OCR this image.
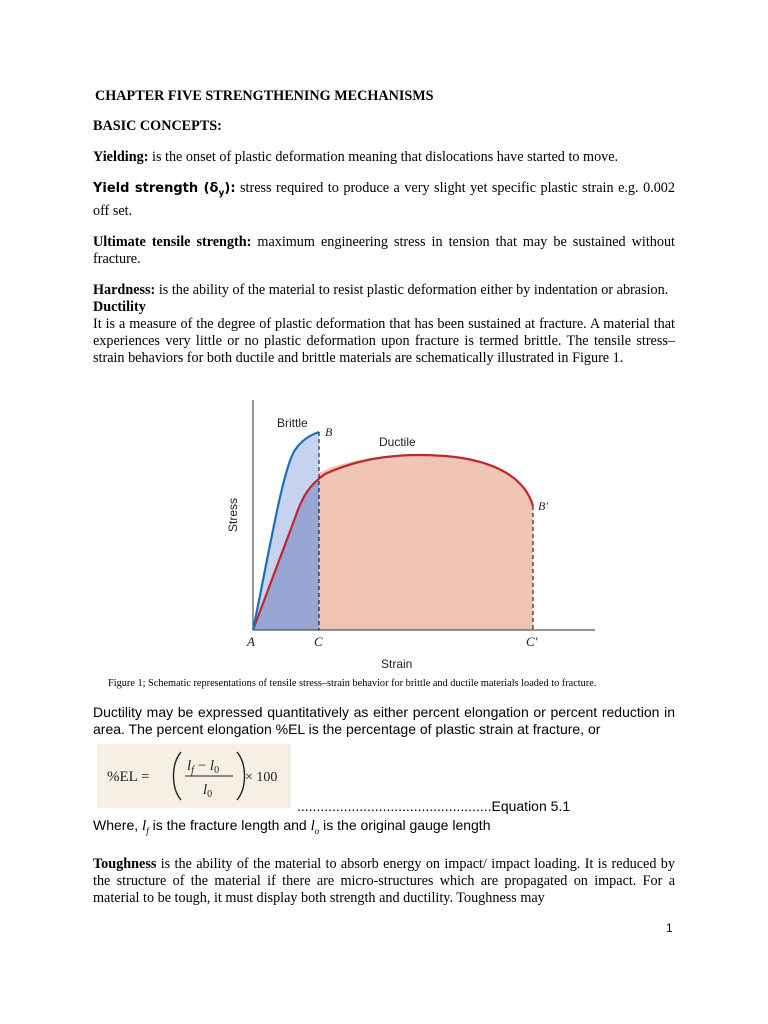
CHAPTER FIVE STRENGTHENING MECHANISMS

BASIC CONCEPTS:

Yielding: is the onset of plastic deformation meaning that dislocations have started to move.

Yield strength $(\delta_y)$: stress required to produce a very slight yet specific plastic strain e.g. 0.002 off set.

Ultimate tensile strength: maximum engineering stress in tension that may be sustained without fracture.

Hardness: is the ability of the material to resist plastic deformation either by indentation or abrasion.

Ductility

It is a measure of the degree of plastic deformation that has been sustained at fracture. A material that experiences very little or no plastic deformation upon fracture is termed brittle. The tensile stress–strain behaviors for both ductile and brittle materials are schematically illustrated in Figure 1.

Brittle
Ductile
B
B′
Stress
A	C	C′
Strain
Figure 1; Schematic representations of tensile stress–strain behavior for brittle and ductile materials loaded to fracture.

Ductility may be expressed quantitatively as either percent elongation or percent reduction in area. The percent elongation %EL is the percentage of plastic strain at fracture, or

%EL =
$l_f - l_0$
$l_0$
× 100
..................................................Equation 5.1
Where, $l_f$ is the fracture length and $l_o$ is the original gauge length

Toughness is the ability of the material to absorb energy on impact/ impact loading. It is reduced by the structure of the material if there are micro-structures which are propagated on impact. For a material to be tough, it must display both strength and ductility. Toughness may

1
